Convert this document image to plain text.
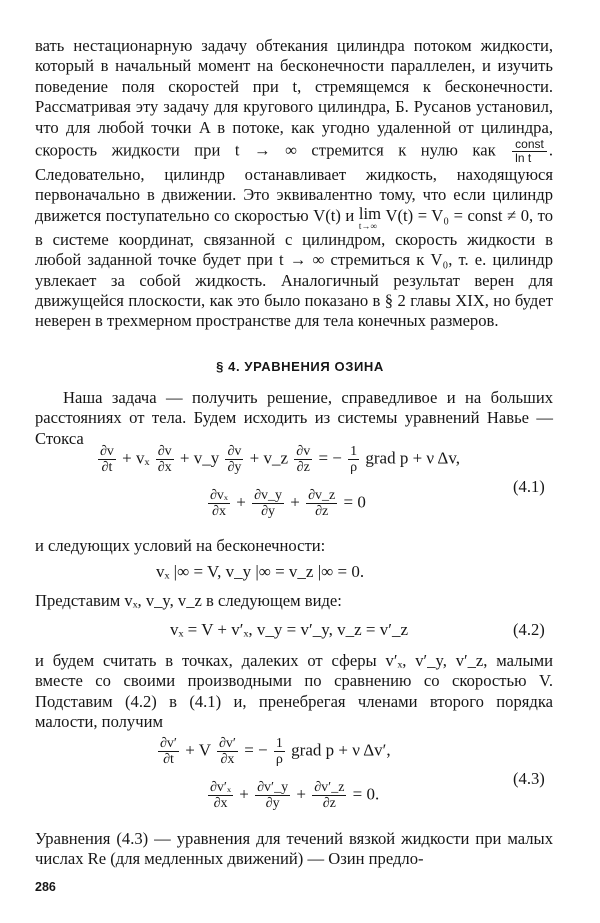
вать нестационарную задачу обтекания цилиндра потоком жидкости, который в начальный момент на бесконечности параллелен, и изучить поведение поля скоростей при t, стремящемся к бесконечности. Рассматривая эту задачу для кругового цилиндра, Б. Русанов установил, что для любой точки A в потоке, как угодно удаленной от цилиндра, скорость жидкости при t → ∞ стремится к нулю как $\frac{\text{const}}{\text{ln t}}$ . Следовательно, цилиндр останавливает жидкость, находящуюся первоначально в движении. Это эквивалентно тому, что если цилиндр движется поступательно со скоростью V(t) и lim
t→∞
V(t) = V₀ = const ≠ 0, то в системе координат, связанной с цилиндром, скорость жидкости в любой заданной точке будет при t → ∞ стремиться к V₀, т. е. цилиндр увлекает за собой жидкость. Аналогичный результат верен для движущейся плоскости, как это было показано в § 2 главы XIX, но будет неверен в трехмерном пространстве для тела конечных размеров.

§ 4. УРАВНЕНИЯ ОЗИНА

Наша задача — получить решение, справедливое и на больших расстояниях от тела. Будем исходить из системы уравнений Навье — Стокса

$\frac{\partial v}{\partial t} + v_x \frac{\partial v}{\partial x}$ + v_y $\frac{\partial v}{\partial y}$ + v_z $\frac{\partial v}{\partial z}$ = − $\frac{1}{\rho}$ grad p + ν Δv,
$\frac{\text{∂vₓ}}{\partial x} + \frac{\partial v\_y}{\partial y} + \frac{\partial v\_z}{\partial z} = 0$
(4.1)

и следующих условий на бесконечности:

vₓ |∞ = V, v_y |∞ = v_z |∞ = 0.

Представим vₓ, v_y, v_z в следующем виде:

vₓ = V + v′ₓ, v_y = v′_y, v_z = v′_z	(4.2)

и будем считать в точках, далеких от сферы v′ₓ, v′_y, v′_z, малыми вместе со своими производными по сравнению со скоростью V. Подставим (4.2) в (4.1) и, пренебрегая членами второго порядка малости, получим

$\frac{\partial v'}{\partial t} + V \frac{\partial v'}{\partial x}$ = − $\frac{1}{\rho}$ grad p + ν Δv′,
$\frac{\text{∂v′ₓ}}{\partial x} + \frac{\partial v'\_y}{\partial y} + \frac{\partial v'\_z}{\partial z} = 0$.
(4.3)

Уравнения (4.3) — уравнения для течений вязкой жидкости при малых числах Re (для медленных движений) — Озин предло-

286
